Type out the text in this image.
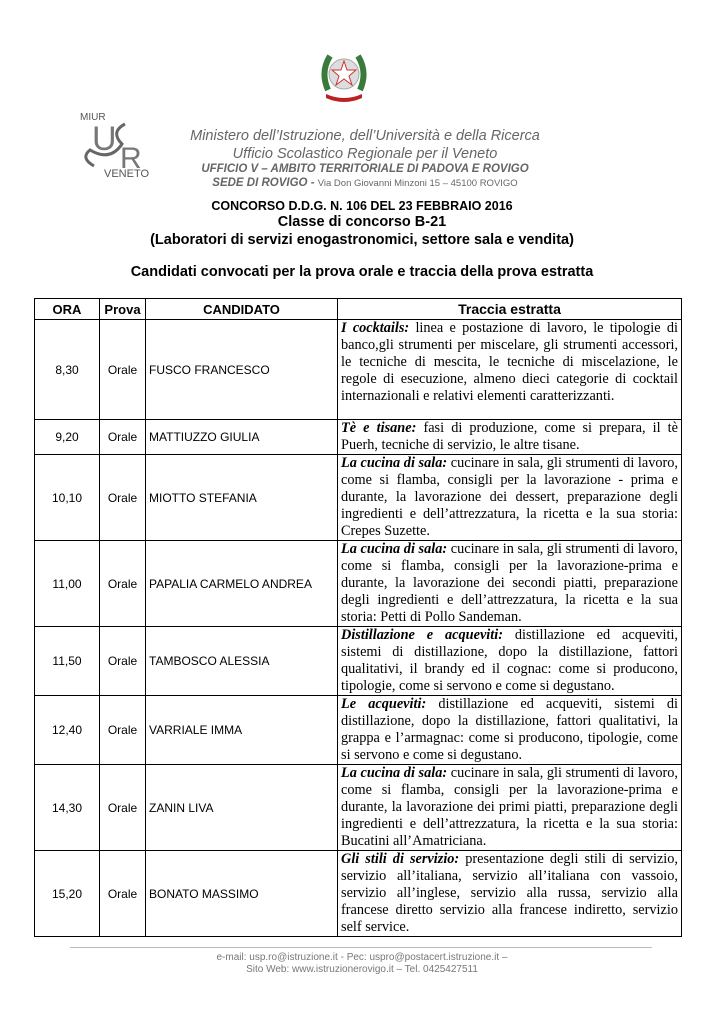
MIUR
U
R
VENETO
Ministero dell’Istruzione, dell’Università e della Ricerca
Ufficio Scolastico Regionale per il Veneto
UFFICIO V – AMBITO TERRITORIALE DI PADOVA E ROVIGO
SEDE DI ROVIGO - Via Don Giovanni Minzoni 15 – 45100 ROVIGO
CONCORSO D.D.G. N. 106 DEL 23 FEBBRAIO 2016
Classe di concorso B-21
(Laboratori di servizi enogastronomici, settore sala e vendita)
Candidati convocati per la prova orale e traccia della prova estratta
ORA	Prova	CANDIDATO	Traccia estratta
8,30	Orale	FUSCO FRANCESCO	I cocktails: linea e postazione di lavoro, le tipologie di banco,gli strumenti per miscelare, gli strumenti accessori, le tecniche di mescita, le tecniche di miscelazione, le regole di esecuzione, almeno dieci categorie di cocktail internazionali e relativi elementi caratterizzanti.
9,20	Orale	MATTIUZZO GIULIA	Tè e tisane: fasi di produzione, come si prepara, il tè Puerh, tecniche di servizio, le altre tisane.
10,10	Orale	MIOTTO STEFANIA	La cucina di sala: cucinare in sala, gli strumenti di lavoro, come si flamba, consigli per la lavorazione - prima e durante, la lavorazione dei dessert, preparazione degli ingredienti e dell’attrezzatura, la ricetta e la sua storia: Crepes Suzette.
11,00	Orale	PAPALIA CARMELO ANDREA	La cucina di sala: cucinare in sala, gli strumenti di lavoro, come si flamba, consigli per la lavorazione-prima e durante, la lavorazione dei secondi piatti, preparazione degli ingredienti e dell’attrezzatura, la ricetta e la sua storia: Petti di Pollo Sandeman.
11,50	Orale	TAMBOSCO ALESSIA	Distillazione e acqueviti: distillazione ed acqueviti, sistemi di distillazione, dopo la distillazione, fattori qualitativi, il brandy ed il cognac: come si producono, tipologie, come si servono e come si degustano.
12,40	Orale	VARRIALE IMMA	Le acqueviti: distillazione ed acqueviti, sistemi di distillazione, dopo la distillazione, fattori qualitativi, la grappa e l’armagnac: come si producono, tipologie, come si servono e come si degustano.
14,30	Orale	ZANIN LIVA	La cucina di sala: cucinare in sala, gli strumenti di lavoro, come si flamba, consigli per la lavorazione-prima e durante, la lavorazione dei primi piatti, preparazione degli ingredienti e dell’attrezzatura, la ricetta e la sua storia: Bucatini all’Amatriciana.
15,20	Orale	BONATO MASSIMO	Gli stili di servizio: presentazione degli stili di servizio, servizio all’italiana, servizio all’italiana con vassoio, servizio all’inglese, servizio alla russa, servizio alla francese diretto servizio alla francese indiretto, servizio self service.
e-mail: usp.ro@istruzione.it - Pec: uspro@postacert.istruzione.it –
Sito Web: www.istruzionerovigo.it – Tel. 0425427511
